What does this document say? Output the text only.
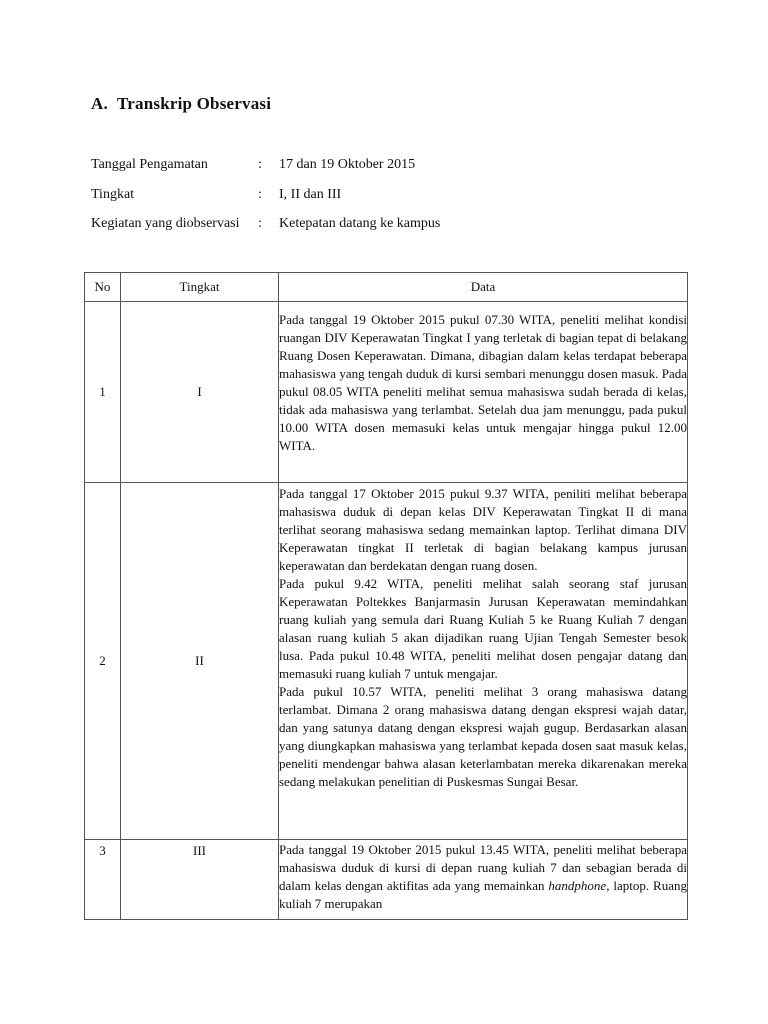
A. Transkrip Observasi
Tanggal Pengamatan	: 17 dan 19 Oktober 2015
Tingkat	: I, II dan III
Kegiatan yang diobservasi : Ketepatan datang ke kampus
No	Tingkat	Data
1	I	Pada tanggal 19 Oktober 2015 pukul 07.30 WITA, peneliti melihat kondisi ruangan DIV Keperawatan Tingkat I yang terletak di bagian tepat di belakang Ruang Dosen Keperawatan. Dimana, dibagian dalam kelas terdapat beberapa mahasiswa yang tengah duduk di kursi sembari menunggu dosen masuk. Pada pukul 08.05 WITA peneliti melihat semua mahasiswa sudah berada di kelas, tidak ada mahasiswa yang terlambat. Setelah dua jam menunggu, pada pukul 10.00 WITA dosen memasuki kelas untuk mengajar hingga pukul 12.00 WITA.

2	II	Pada tanggal 17 Oktober 2015 pukul 9.37 WITA, peniliti melihat beberapa mahasiswa duduk di depan kelas DIV Keperawatan Tingkat II di mana terlihat seorang mahasiswa sedang memainkan laptop. Terlihat dimana DIV Keperawatan tingkat II terletak di bagian belakang kampus jurusan keperawatan dan berdekatan dengan ruang dosen.

Pada pukul 9.42 WITA, peneliti melihat salah seorang staf jurusan Keperawatan Poltekkes Banjarmasin Jurusan Keperawatan memindahkan ruang kuliah yang semula dari Ruang Kuliah 5 ke Ruang Kuliah 7 dengan alasan ruang kuliah 5 akan dijadikan ruang Ujian Tengah Semester besok lusa. Pada pukul 10.48 WITA, peneliti melihat dosen pengajar datang dan memasuki ruang kuliah 7 untuk mengajar.

Pada pukul 10.57 WITA, peneliti melihat 3 orang mahasiswa datang terlambat. Dimana 2 orang mahasiswa datang dengan ekspresi wajah datar, dan yang satunya datang dengan ekspresi wajah gugup. Berdasarkan alasan yang diungkapkan mahasiswa yang terlambat kepada dosen saat masuk kelas, peneliti mendengar bahwa alasan keterlambatan mereka dikarenakan mereka sedang melakukan penelitian di Puskesmas Sungai Besar.

3	III	Pada tanggal 19 Oktober 2015 pukul 13.45 WITA, peneliti melihat beberapa mahasiswa duduk di kursi di depan ruang kuliah 7 dan sebagian berada di dalam kelas dengan aktifitas ada yang memainkan handphone, laptop. Ruang kuliah 7 merupakan
